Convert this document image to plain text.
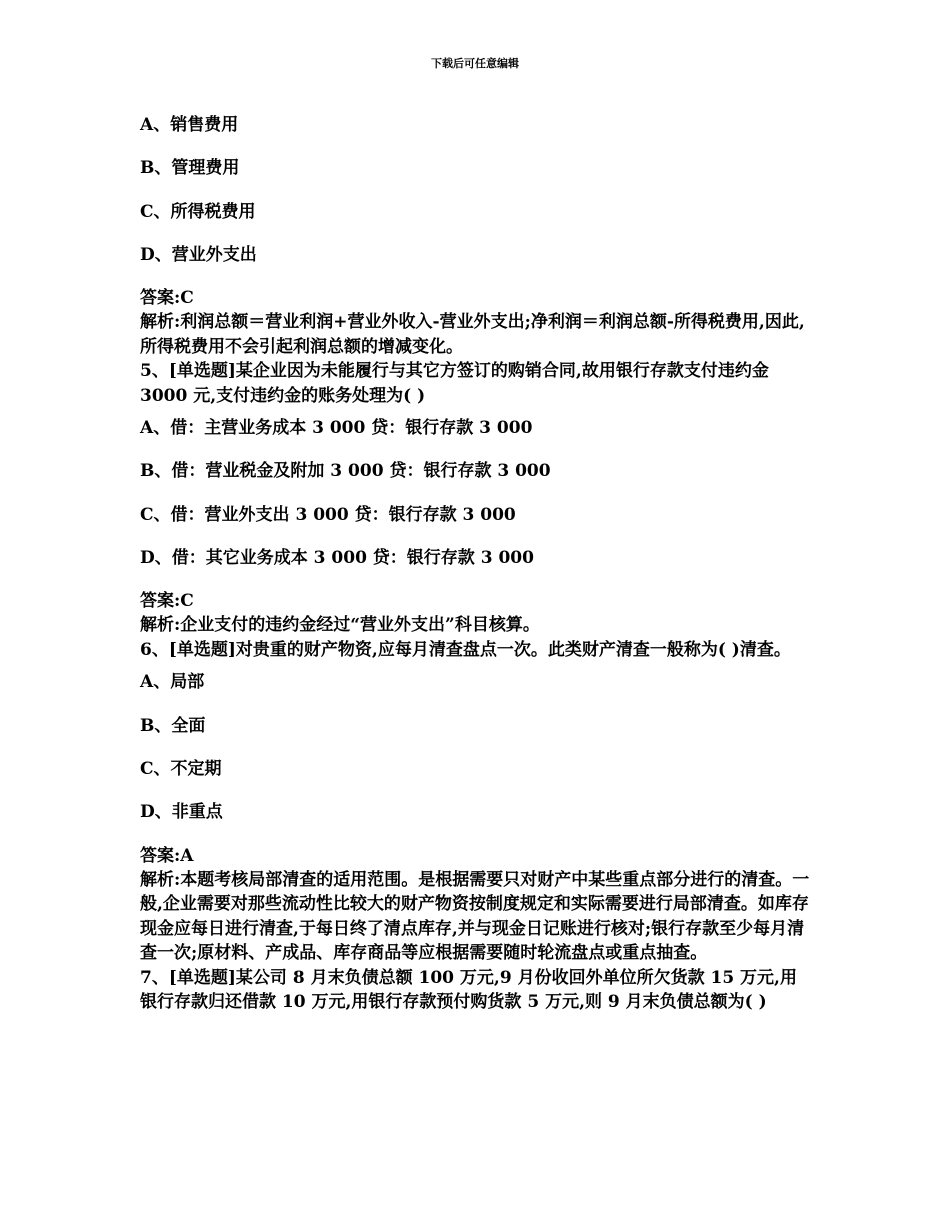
下载后可任意编辑
A、销售费用
B、管理费用
C、所得税费用
D、营业外支出
答案:C
解析:利润总额＝营业利润+营业外收入-营业外支出;净利润＝利润总额-所得税费用,因此,所得税费用不会引起利润总额的增减变化。
5、[单选题]某企业因为未能履行与其它方签订的购销合同,故用银行存款支付违约金 3000 元,支付违约金的账务处理为( )
A、借：主营业务成本 3 000 贷：银行存款 3 000
B、借：营业税金及附加 3 000 贷：银行存款 3 000
C、借：营业外支出 3 000 贷：银行存款 3 000
D、借：其它业务成本 3 000 贷：银行存款 3 000
答案:C
解析:企业支付的违约金经过“营业外支出”科目核算。
6、[单选题]对贵重的财产物资,应每月清查盘点一次。此类财产清查一般称为( )清查。
A、局部
B、全面
C、不定期
D、非重点
答案:A
解析:本题考核局部清查的适用范围。是根据需要只对财产中某些重点部分进行的清查。一般,企业需要对那些流动性比较大的财产物资按制度规定和实际需要进行局部清查。如库存现金应每日进行清查,于每日终了清点库存,并与现金日记账进行核对;银行存款至少每月清查一次;原材料、产成品、库存商品等应根据需要随时轮流盘点或重点抽查。
7、[单选题]某公司 8 月末负债总额 100 万元,9 月份收回外单位所欠货款 15 万元,用银行存款归还借款 10 万元,用银行存款预付购货款 5 万元,则 9 月末负债总额为( )
